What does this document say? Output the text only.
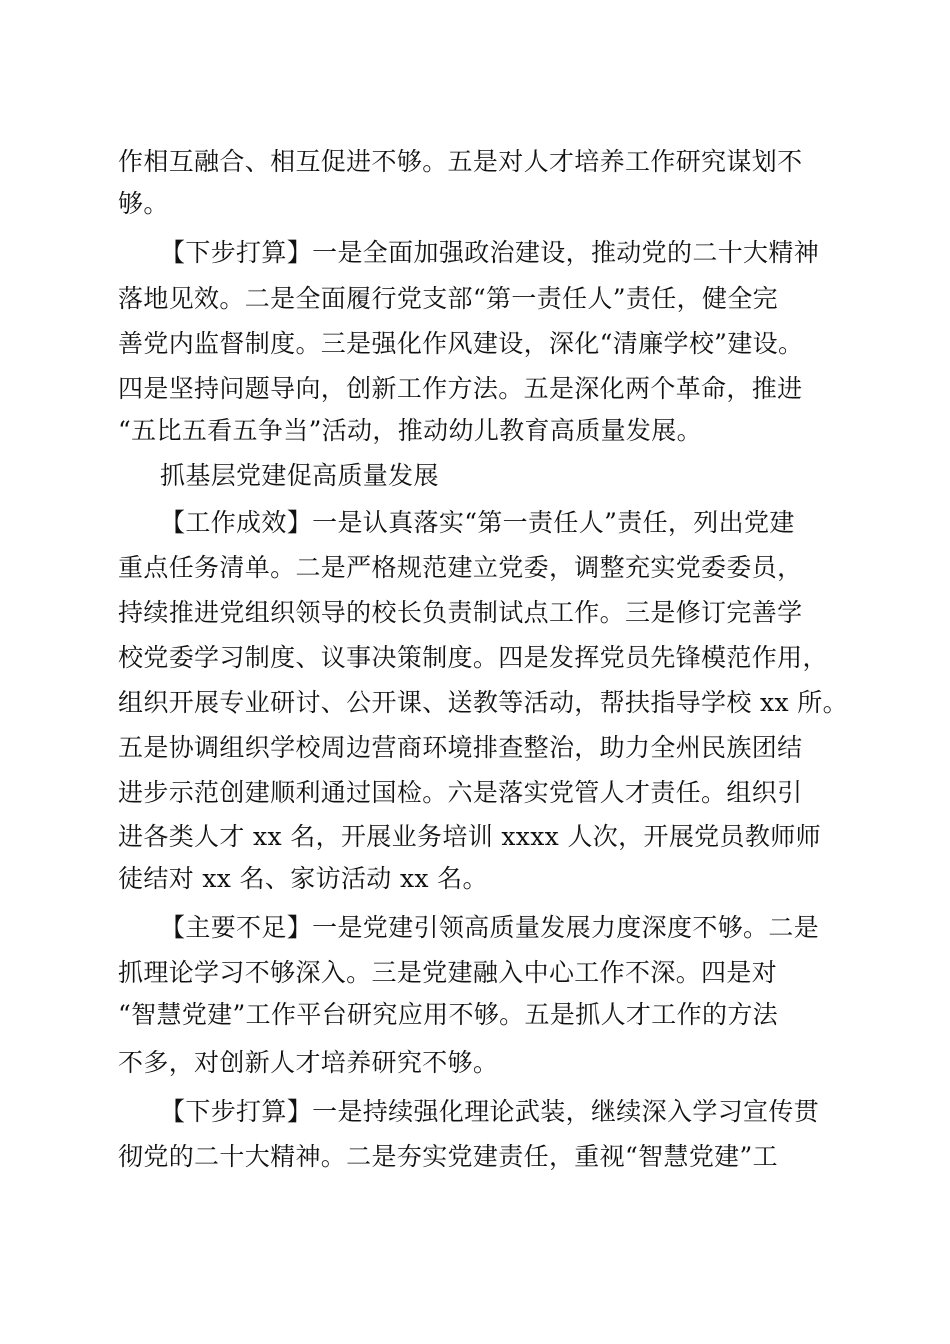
作相互融合、相互促进不够。五是对人才培养工作研究谋划不

够。

【下步打算】一是全面加强政治建设，推动党的二十大精神

落地见效。二是全面履行党支部“第一责任人”责任，健全完

善党内监督制度。三是强化作风建设，深化“清廉学校”建设。

四是坚持问题导向，创新工作方法。五是深化两个革命，推进

“五比五看五争当”活动，推动幼儿教育高质量发展。

抓基层党建促高质量发展

【工作成效】一是认真落实“第一责任人”责任，列出党建

重点任务清单。二是严格规范建立党委，调整充实党委委员，

持续推进党组织领导的校长负责制试点工作。三是修订完善学

校党委学习制度、议事决策制度。四是发挥党员先锋模范作用，

组织开展专业研讨、公开课、送教等活动，帮扶指导学校 xx 所。

五是协调组织学校周边营商环境排查整治，助力全州民族团结

进步示范创建顺利通过国检。六是落实党管人才责任。组织引

进各类人才 xx 名，开展业务培训 xxxx 人次，开展党员教师师

徒结对 xx 名、家访活动 xx 名。

【主要不足】一是党建引领高质量发展力度深度不够。二是

抓理论学习不够深入。三是党建融入中心工作不深。四是对

“智慧党建”工作平台研究应用不够。五是抓人才工作的方法

不多，对创新人才培养研究不够。

【下步打算】一是持续强化理论武装，继续深入学习宣传贯

彻党的二十大精神。二是夯实党建责任，重视“智慧党建”工
